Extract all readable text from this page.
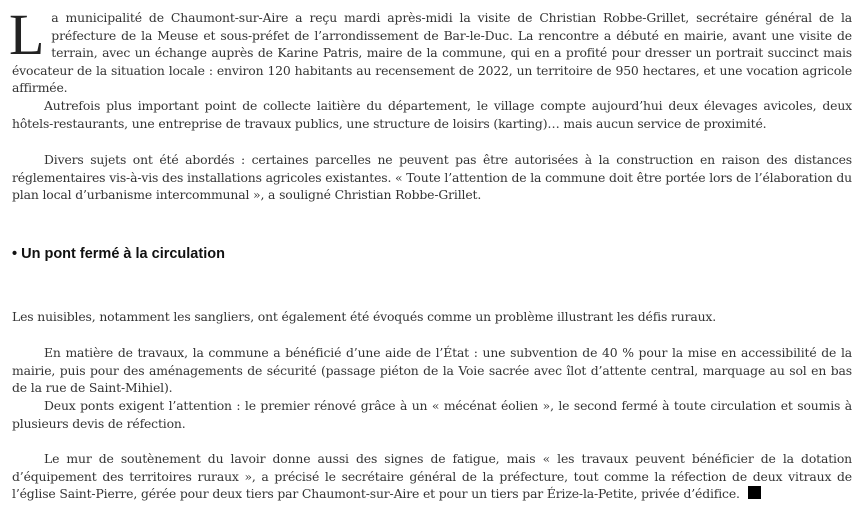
La municipalité de Chaumont-sur-Aire a reçu mardi après-midi la visite de Christian Robbe-Grillet, secrétaire général de la préfecture de la Meuse et sous-préfet de l’arrondissement de Bar-le-Duc. La rencontre a débuté en mairie, avant une visite de terrain, avec un échange auprès de Karine Patris, maire de la commune, qui en a profité pour dresser un portrait succinct mais évocateur de la situation locale : environ 120 habitants au recensement de 2022, un territoire de 950 hectares, et une vocation agricole affirmée.

Autrefois plus important point de collecte laitière du département, le village compte aujourd’hui deux élevages avicoles, deux hôtels-restaurants, une entreprise de travaux publics, une structure de loisirs (karting)… mais aucun service de proximité.

Divers sujets ont été abordés : certaines parcelles ne peuvent pas être autorisées à la construction en raison des distances réglementaires vis-à-vis des installations agricoles existantes. « Toute l’attention de la commune doit être portée lors de l’élaboration du plan local d’urbanisme intercommunal », a souligné Christian Robbe-Grillet.

• Un pont fermé à la circulation

Les nuisibles, notamment les sangliers, ont également été évoqués comme un problème illustrant les défis ruraux.

En matière de travaux, la commune a bénéficié d’une aide de l’État : une subvention de 40 % pour la mise en accessibilité de la mairie, puis pour des aménagements de sécurité (passage piéton de la Voie sacrée avec îlot d’attente central, marquage au sol en bas de la rue de Saint-Mihiel).

Deux ponts exigent l’attention : le premier rénové grâce à un « mécénat éolien », le second fermé à toute circulation et soumis à plusieurs devis de réfection.

Le mur de soutènement du lavoir donne aussi des signes de fatigue, mais « les travaux peuvent bénéficier de la dotation d’équipement des territoires ruraux », a précisé le secrétaire général de la préfecture, tout comme la réfection de deux vitraux de l’église Saint-Pierre, gérée pour deux tiers par Chaumont-sur-Aire et pour un tiers par Érize-la-Petite, privée d’édifice.
